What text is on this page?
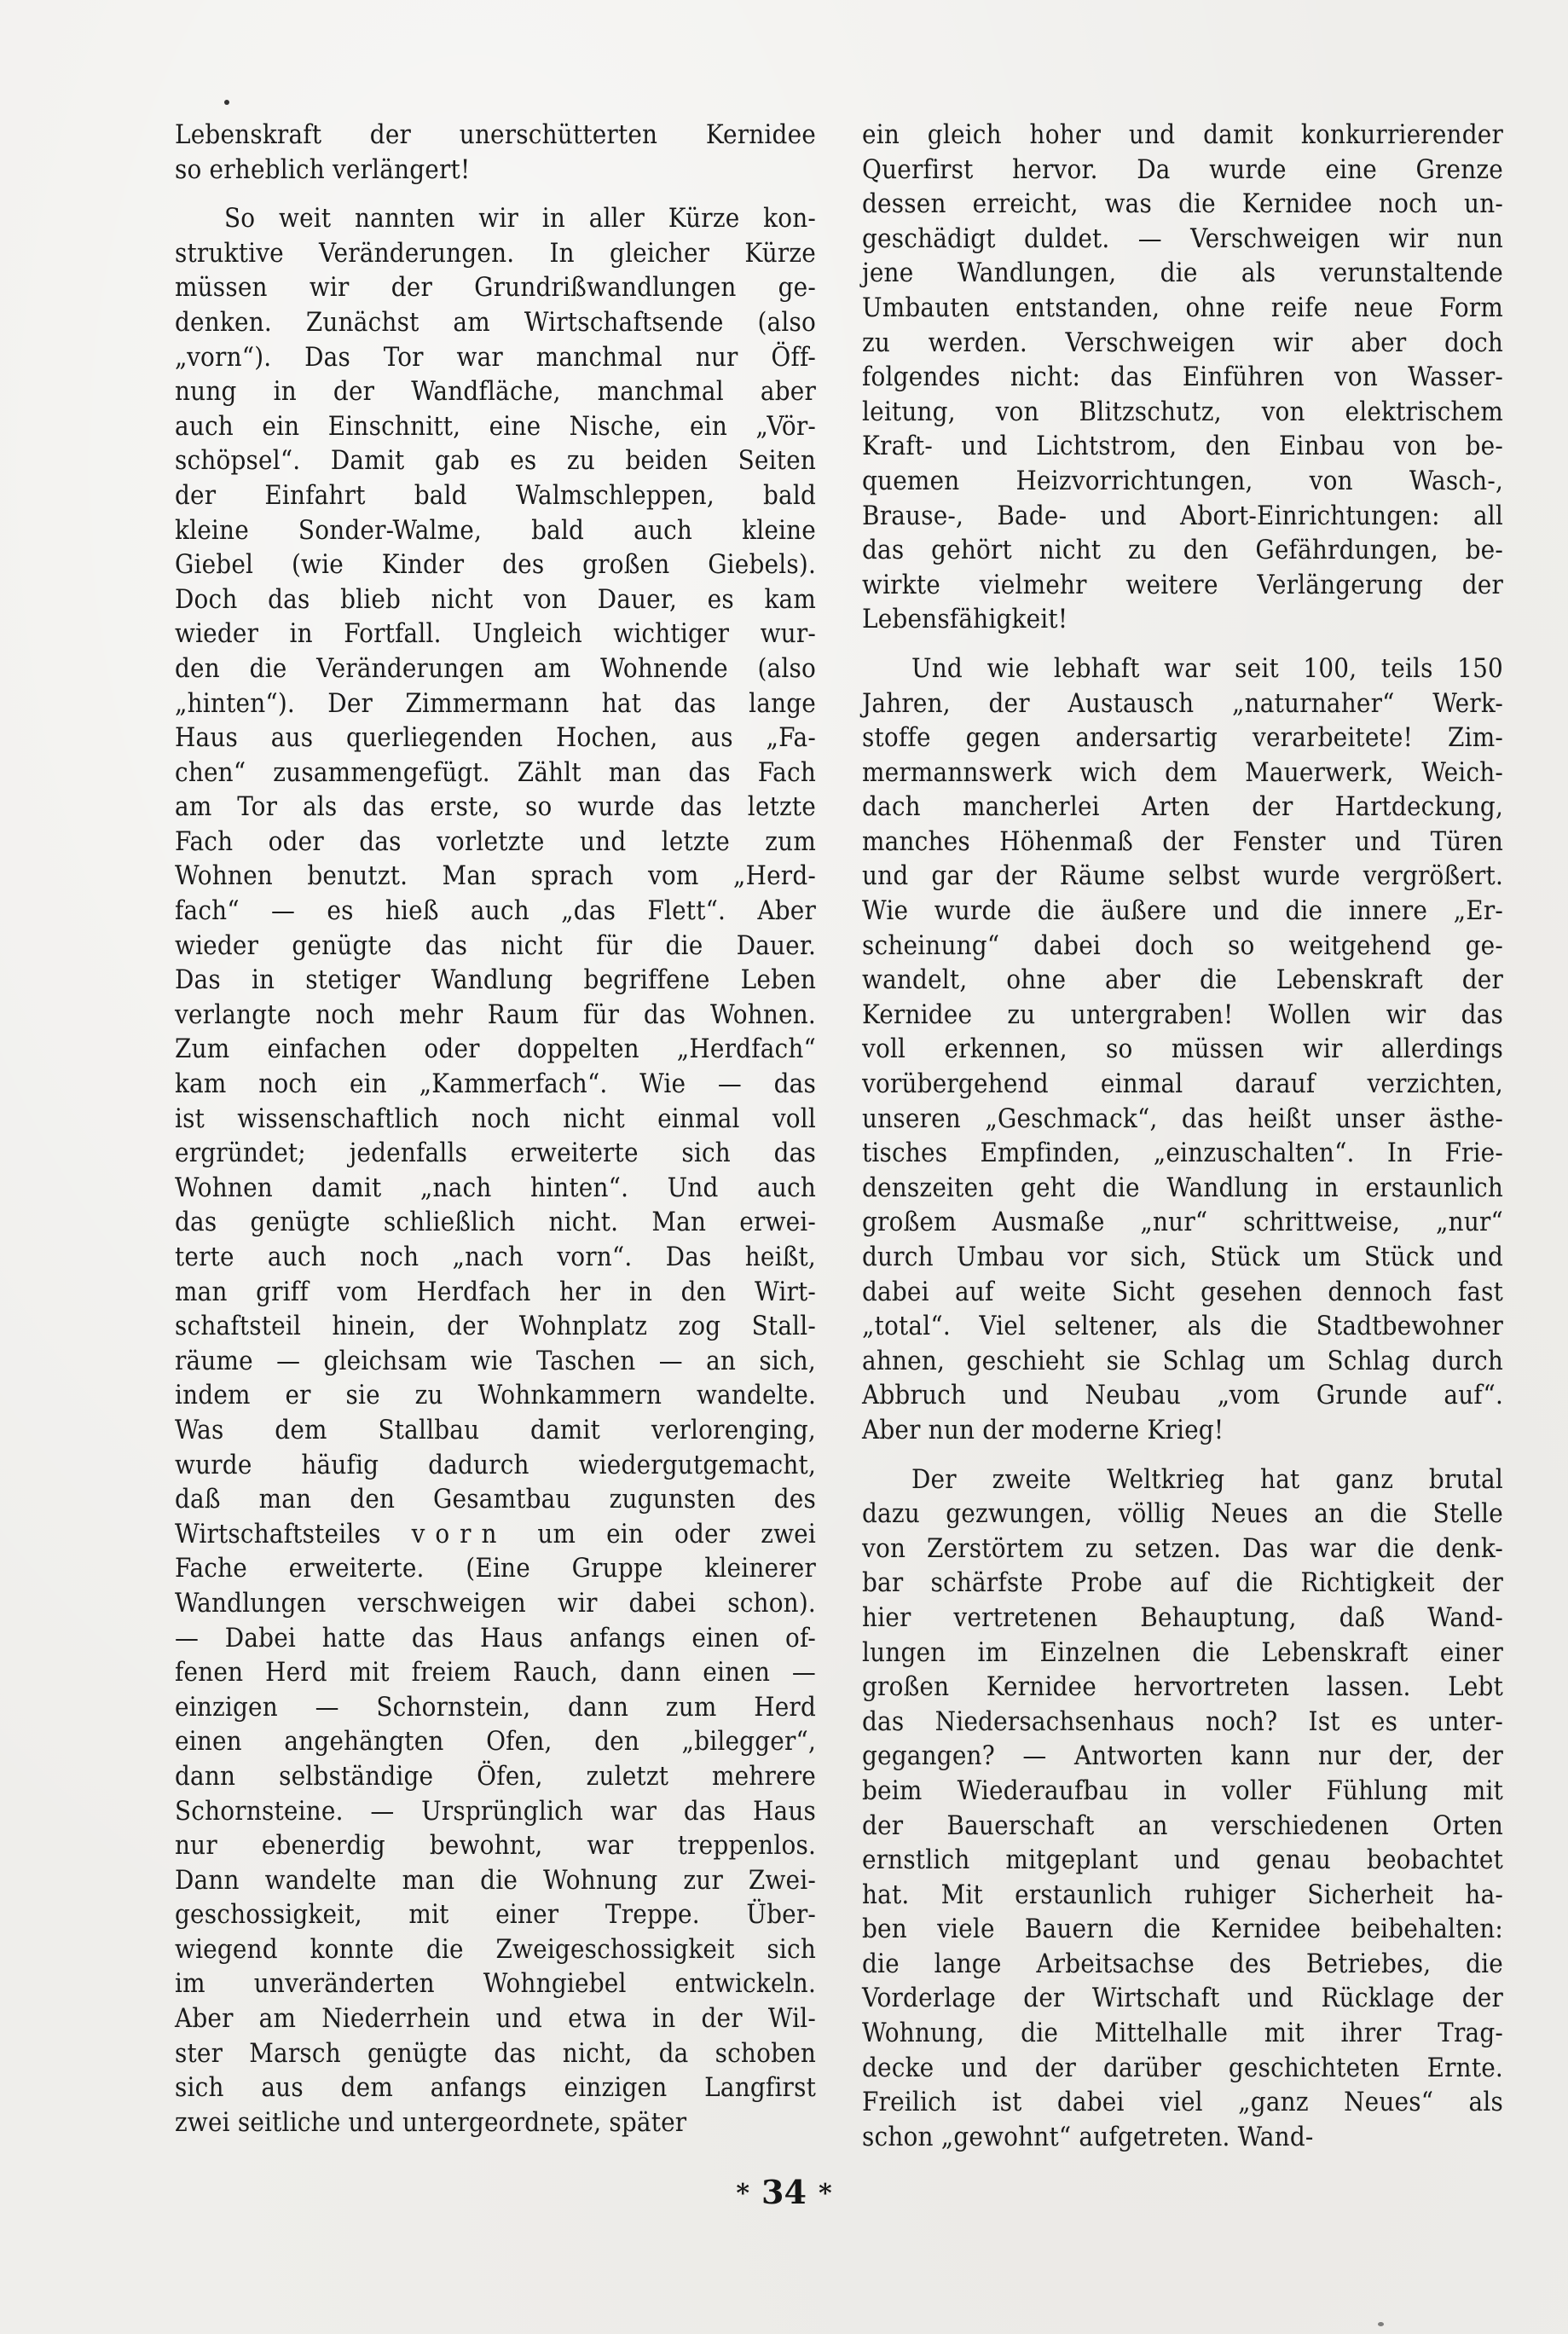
Lebenskraft der unerschütterten Kernidee
so erheblich verlängert!
So weit nannten wir in aller Kürze kon-
struktive Veränderungen. In gleicher Kürze
müssen wir der Grundrißwandlungen ge-
denken. Zunächst am Wirtschaftsende (also
„vorn“). Das Tor war manchmal nur Öff-
nung in der Wandfläche, manchmal aber
auch ein Einschnitt, eine Nische, ein „Vör-
schöpsel“. Damit gab es zu beiden Seiten
der Einfahrt bald Walmschleppen, bald
kleine Sonder-Walme, bald auch kleine
Giebel (wie Kinder des großen Giebels).
Doch das blieb nicht von Dauer, es kam
wieder in Fortfall. Ungleich wichtiger wur-
den die Veränderungen am Wohnende (also
„hinten“). Der Zimmermann hat das lange
Haus aus querliegenden Hochen, aus „Fa-
chen“ zusammengefügt. Zählt man das Fach
am Tor als das erste, so wurde das letzte
Fach oder das vorletzte und letzte zum
Wohnen benutzt. Man sprach vom „Herd-
fach“ — es hieß auch „das Flett“. Aber
wieder genügte das nicht für die Dauer.
Das in stetiger Wandlung begriffene Leben
verlangte noch mehr Raum für das Wohnen.
Zum einfachen oder doppelten „Herdfach“
kam noch ein „Kammerfach“. Wie — das
ist wissenschaftlich noch nicht einmal voll
ergründet; jedenfalls erweiterte sich das
Wohnen damit „nach hinten“. Und auch
das genügte schließlich nicht. Man erwei-
terte auch noch „nach vorn“. Das heißt,
man griff vom Herdfach her in den Wirt-
schaftsteil hinein, der Wohnplatz zog Stall-
räume — gleichsam wie Taschen — an sich,
indem er sie zu Wohnkammern wandelte.
Was dem Stallbau damit verlorenging,
wurde häufig dadurch wiedergutgemacht,
daß man den Gesamtbau zugunsten des
Wirtschaftsteiles vorn um ein oder zwei
Fache erweiterte. (Eine Gruppe kleinerer
Wandlungen verschweigen wir dabei schon).
— Dabei hatte das Haus anfangs einen of-
fenen Herd mit freiem Rauch, dann einen —
einzigen — Schornstein, dann zum Herd
einen angehängten Ofen, den „bilegger“,
dann selbständige Öfen, zuletzt mehrere
Schornsteine. — Ursprünglich war das Haus
nur ebenerdig bewohnt, war treppenlos.
Dann wandelte man die Wohnung zur Zwei-
geschossigkeit, mit einer Treppe. Über-
wiegend konnte die Zweigeschossigkeit sich
im unveränderten Wohngiebel entwickeln.
Aber am Niederrhein und etwa in der Wil-
ster Marsch genügte das nicht, da schoben
sich aus dem anfangs einzigen Langfirst
zwei seitliche und untergeordnete, später
ein gleich hoher und damit konkurrierender
Querfirst hervor. Da wurde eine Grenze
dessen erreicht, was die Kernidee noch un-
geschädigt duldet. — Verschweigen wir nun
jene Wandlungen, die als verunstaltende
Umbauten entstanden, ohne reife neue Form
zu werden. Verschweigen wir aber doch
folgendes nicht: das Einführen von Wasser-
leitung, von Blitzschutz, von elektrischem
Kraft- und Lichtstrom, den Einbau von be-
quemen Heizvorrichtungen, von Wasch-,
Brause-, Bade- und Abort-Einrichtungen: all
das gehört nicht zu den Gefährdungen, be-
wirkte vielmehr weitere Verlängerung der
Lebensfähigkeit!
Und wie lebhaft war seit 100, teils 150
Jahren, der Austausch „naturnaher“ Werk-
stoffe gegen andersartig verarbeitete! Zim-
mermannswerk wich dem Mauerwerk, Weich-
dach mancherlei Arten der Hartdeckung,
manches Höhenmaß der Fenster und Türen
und gar der Räume selbst wurde vergrößert.
Wie wurde die äußere und die innere „Er-
scheinung“ dabei doch so weitgehend ge-
wandelt, ohne aber die Lebenskraft der
Kernidee zu untergraben! Wollen wir das
voll erkennen, so müssen wir allerdings
vorübergehend einmal darauf verzichten,
unseren „Geschmack“, das heißt unser ästhe-
tisches Empfinden, „einzuschalten“. In Frie-
denszeiten geht die Wandlung in erstaunlich
großem Ausmaße „nur“ schrittweise, „nur“
durch Umbau vor sich, Stück um Stück und
dabei auf weite Sicht gesehen dennoch fast
„total“. Viel seltener, als die Stadtbewohner
ahnen, geschieht sie Schlag um Schlag durch
Abbruch und Neubau „vom Grunde auf“.
Aber nun der moderne Krieg!
Der zweite Weltkrieg hat ganz brutal
dazu gezwungen, völlig Neues an die Stelle
von Zerstörtem zu setzen. Das war die denk-
bar schärfste Probe auf die Richtigkeit der
hier vertretenen Behauptung, daß Wand-
lungen im Einzelnen die Lebenskraft einer
großen Kernidee hervortreten lassen. Lebt
das Niedersachsenhaus noch? Ist es unter-
gegangen? — Antworten kann nur der, der
beim Wiederaufbau in voller Fühlung mit
der Bauerschaft an verschiedenen Orten
ernstlich mitgeplant und genau beobachtet
hat. Mit erstaunlich ruhiger Sicherheit ha-
ben viele Bauern die Kernidee beibehalten:
die lange Arbeitsachse des Betriebes, die
Vorderlage der Wirtschaft und Rücklage der
Wohnung, die Mittelhalle mit ihrer Trag-
decke und der darüber geschichteten Ernte.
Freilich ist dabei viel „ganz Neues“ als
schon „gewohnt“ aufgetreten. Wand-
* 34 *
